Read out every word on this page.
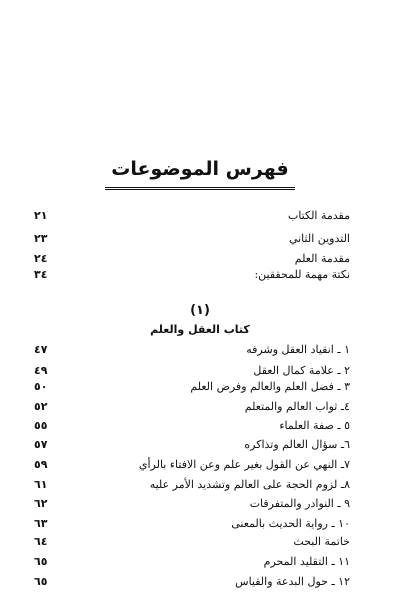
فهرس الموضوعات
مقدمة الكتاب
٢١
التدوين الثاني
٢٣
مقدمة العلم
٢٤
نكتة مهمة للمحققين:
٣٤
(١)
كتاب العقل والعلم
١ ـ انقياد العقل وشرفه
٤٧
٢ ـ علامة كمال العقل
٤٩
٣ ـ فضل العلم والعالم وفرض العلم
٥٠
٤ـ ثواب العالم والمتعلم
٥٢
٥ ـ صفة العلماء
٥٥
٦ـ سؤال العالم وتذاكره
٥٧
٧ـ النهي عن القول بغير علم وعن الافتاء بالرأي
٥٩
٨ـ لزوم الحجة على العالم وتشديد الأمر عليه
٦١
٩ ـ النوادر والمتفرقات
٦٢
١٠ ـ رواية الحديث بالمعنى
٦٣
خاتمة البحث
٦٤
١١ ـ التقليد المحرم
٦٥
١٢ ـ حول البدعة والقياس
٦٥
